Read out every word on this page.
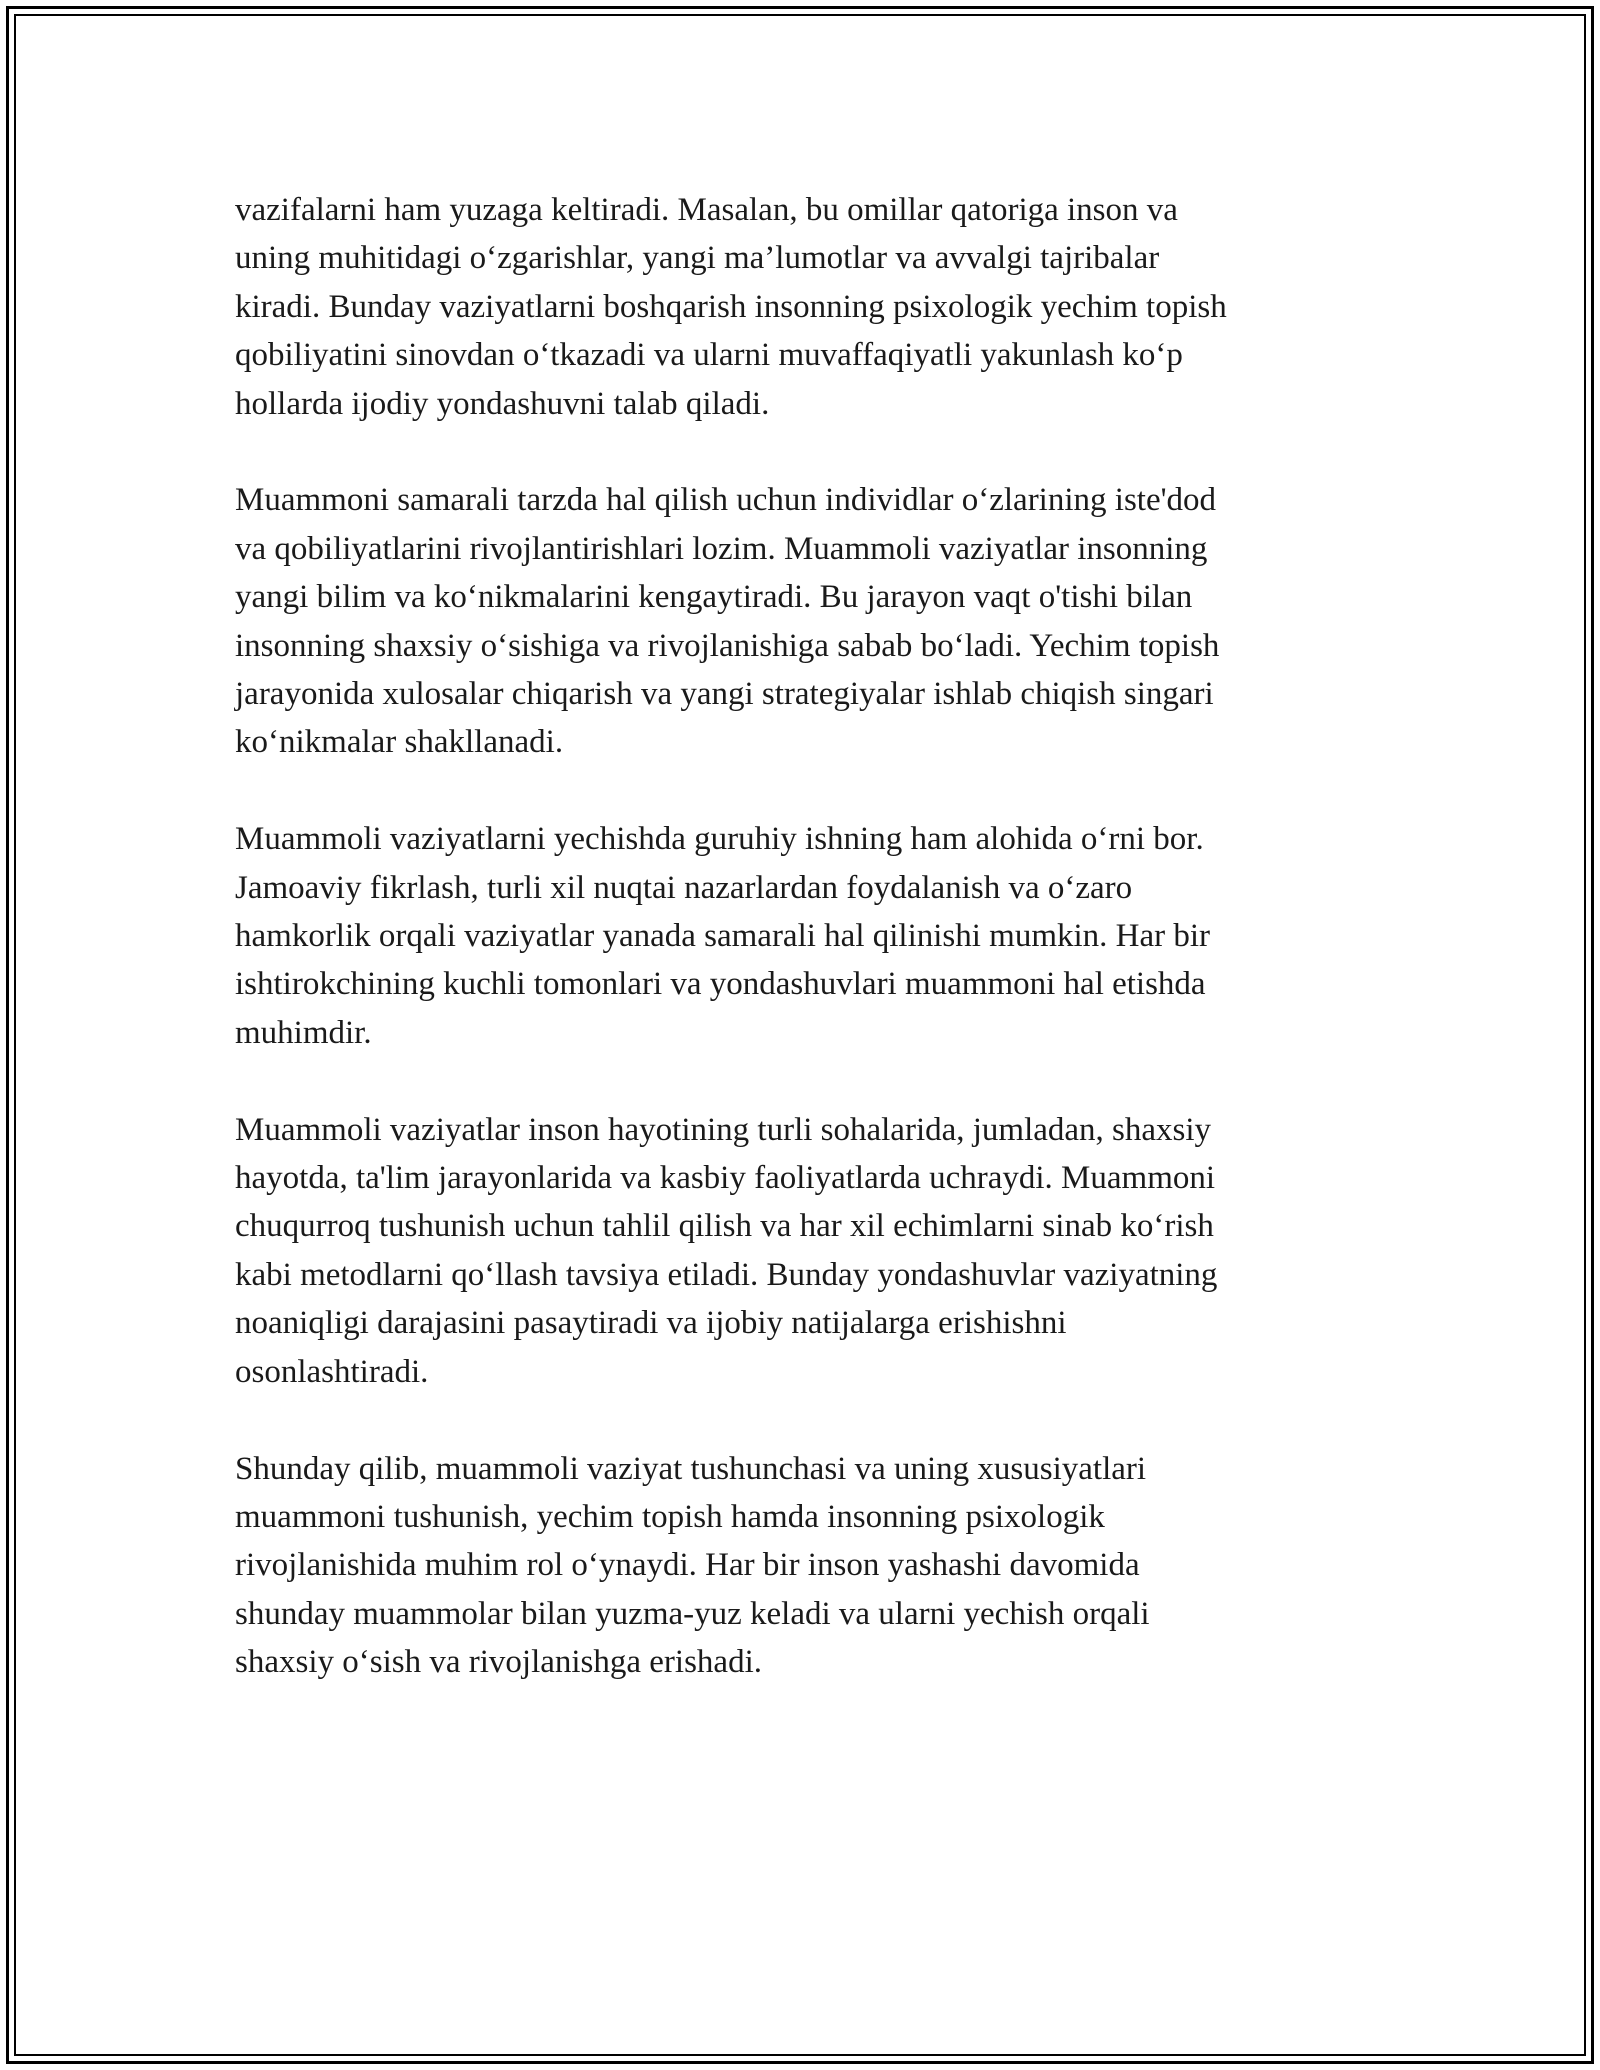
vazifalarni ham yuzaga keltiradi. Masalan, bu omillar qatoriga inson va
uning muhitidagi o‘zgarishlar, yangi ma’lumotlar va avvalgi tajribalar
kiradi. Bunday vaziyatlarni boshqarish insonning psixologik yechim topish
qobiliyatini sinovdan o‘tkazadi va ularni muvaffaqiyatli yakunlash ko‘p
hollarda ijodiy yondashuvni talab qiladi.

Muammoni samarali tarzda hal qilish uchun individlar o‘zlarining iste'dod
va qobiliyatlarini rivojlantirishlari lozim. Muammoli vaziyatlar insonning
yangi bilim va ko‘nikmalarini kengaytiradi. Bu jarayon vaqt o'tishi bilan
insonning shaxsiy o‘sishiga va rivojlanishiga sabab bo‘ladi. Yechim topish
jarayonida xulosalar chiqarish va yangi strategiyalar ishlab chiqish singari
ko‘nikmalar shakllanadi.

Muammoli vaziyatlarni yechishda guruhiy ishning ham alohida o‘rni bor.
Jamoaviy fikrlash, turli xil nuqtai nazarlardan foydalanish va o‘zaro
hamkorlik orqali vaziyatlar yanada samarali hal qilinishi mumkin. Har bir
ishtirokchining kuchli tomonlari va yondashuvlari muammoni hal etishda
muhimdir.

Muammoli vaziyatlar inson hayotining turli sohalarida, jumladan, shaxsiy
hayotda, ta'lim jarayonlarida va kasbiy faoliyatlarda uchraydi. Muammoni
chuqurroq tushunish uchun tahlil qilish va har xil echimlarni sinab ko‘rish
kabi metodlarni qo‘llash tavsiya etiladi. Bunday yondashuvlar vaziyatning
noaniqligi darajasini pasaytiradi va ijobiy natijalarga erishishni
osonlashtiradi.

Shunday qilib, muammoli vaziyat tushunchasi va uning xususiyatlari
muammoni tushunish, yechim topish hamda insonning psixologik
rivojlanishida muhim rol o‘ynaydi. Har bir inson yashashi davomida
shunday muammolar bilan yuzma-yuz keladi va ularni yechish orqali
shaxsiy o‘sish va rivojlanishga erishadi.
